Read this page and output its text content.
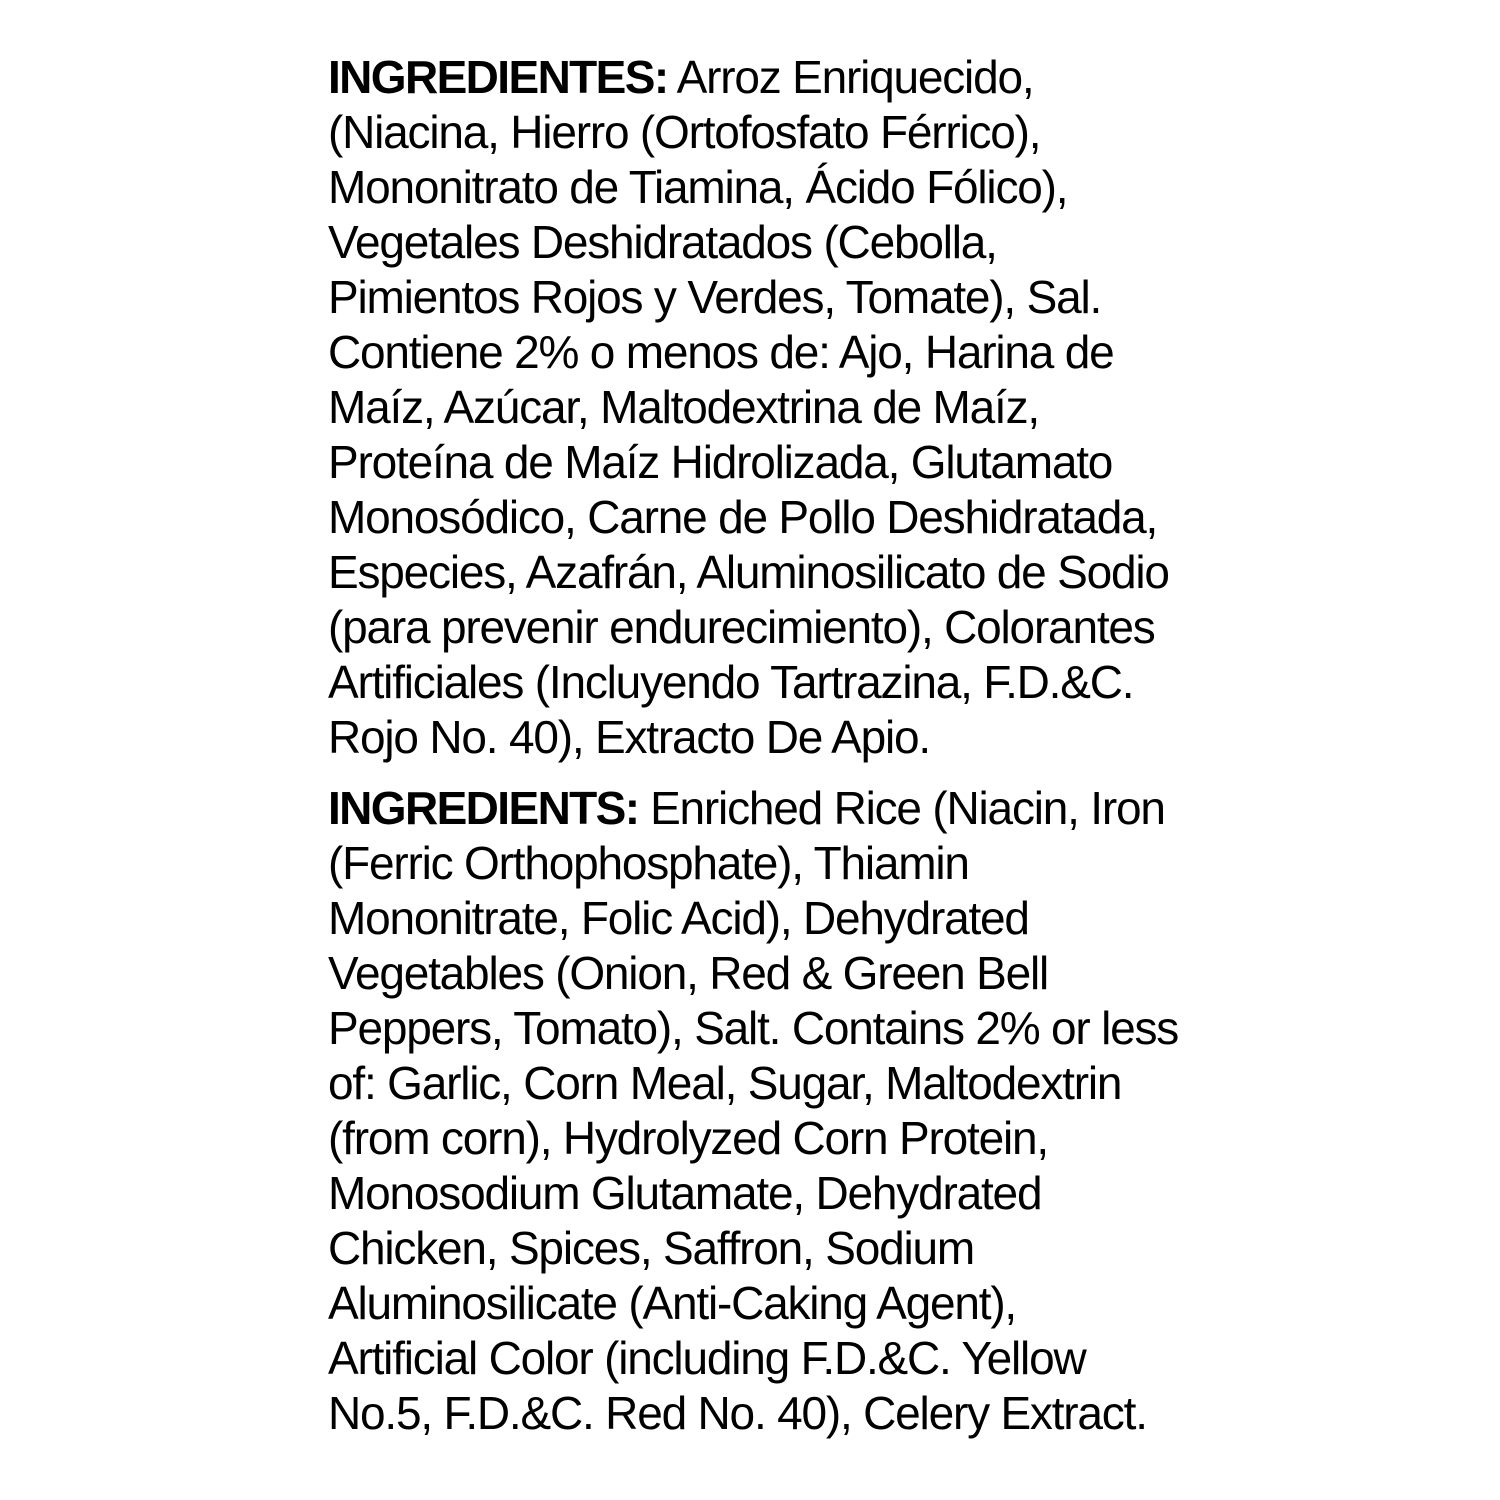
INGREDIENTES: Arroz Enriquecido,
(Niacina, Hierro (Ortofosfato Férrico),
Mononitrato de Tiamina, Ácido Fólico),
Vegetales Deshidratados (Cebolla,
Pimientos Rojos y Verdes, Tomate), Sal.
Contiene 2% o menos de: Ajo, Harina de
Maíz, Azúcar, Maltodextrina de Maíz,
Proteína de Maíz Hidrolizada, Glutamato
Monosódico, Carne de Pollo Deshidratada,
Especies, Azafrán, Aluminosilicato de Sodio
(para prevenir endurecimiento), Colorantes
Artificiales (Incluyendo Tartrazina, F.D.&C.
Rojo No. 40), Extracto De Apio.
INGREDIENTS: Enriched Rice (Niacin, Iron
(Ferric Orthophosphate), Thiamin
Mononitrate, Folic Acid), Dehydrated
Vegetables (Onion, Red & Green Bell
Peppers, Tomato), Salt. Contains 2% or less
of: Garlic, Corn Meal, Sugar, Maltodextrin
(from corn), Hydrolyzed Corn Protein,
Monosodium Glutamate, Dehydrated
Chicken, Spices, Saffron, Sodium
Aluminosilicate (Anti-Caking Agent),
Artificial Color (including F.D.&C. Yellow
No.5, F.D.&C. Red No. 40), Celery Extract.
